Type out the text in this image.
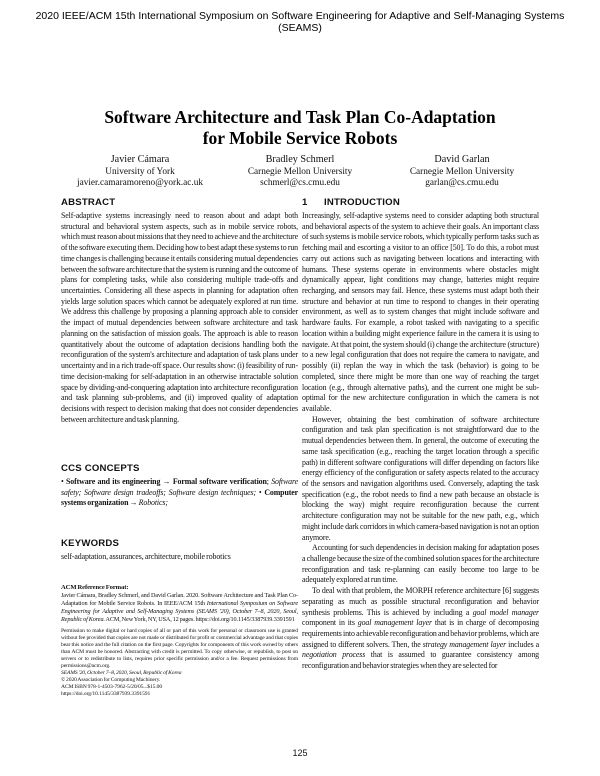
2020 IEEE/ACM 15th International Symposium on Software Engineering for Adaptive and Self-Managing Systems
(SEAMS)
Software Architecture and Task Plan Co-Adaptation
for Mobile Service Robots
Javier Cámara
University of York
javier.camaramoreno@york.ac.uk
Bradley Schmerl
Carnegie Mellon University
schmerl@cs.cmu.edu
David Garlan
Carnegie Mellon University
garlan@cs.cmu.edu
ABSTRACT

Self-adaptive systems increasingly need to reason about and adapt both structural and behavioral system aspects, such as in mobile service robots, which must reason about missions that they need to achieve and the architecture of the software executing them. Deciding how to best adapt these systems to run time changes is challenging because it entails considering mutual dependencies between the software architecture that the system is running and the outcome of plans for completing tasks, while also considering multiple trade-offs and uncertainties. Considering all these aspects in planning for adaptation often yields large solution spaces which cannot be adequately explored at run time. We address this challenge by proposing a planning approach able to consider the impact of mutual dependencies between software architecture and task planning on the satisfaction of mission goals. The approach is able to reason quantitatively about the outcome of adaptation decisions handling both the reconfiguration of the system's architecture and adaptation of task plans under uncertainty and in a rich trade-off space. Our results show: (i) feasibility of run-time decision-making for self-adaptation in an otherwise intractable solution space by dividing-and-conquering adaptation into architecture reconfiguration and task planning sub-problems, and (ii) improved quality of adaptation decisions with respect to decision making that does not consider dependencies between architecture and task planning.

CCS CONCEPTS

• Software and its engineering → Formal software verification; Software safety; Software design tradeoffs; Software design techniques; • Computer systems organization → Robotics;

KEYWORDS

self-adaptation, assurances, architecture, mobile robotics

ACM Reference Format:

Javier Cámara, Bradley Schmerl, and David Garlan. 2020. Software Architecture and Task Plan Co-Adaptation for Mobile Service Robots. In IEEE/ACM 15th International Symposium on Software Engineering for Adaptive and Self-Managing Systems (SEAMS '20), October 7–8, 2020, Seoul, Republic of Korea. ACM, New York, NY, USA, 12 pages. https://doi.org/10.1145/3387939.3391591

Permission to make digital or hard copies of all or part of this work for personal or classroom use is granted without fee provided that copies are not made or distributed for profit or commercial advantage and that copies bear this notice and the full citation on the first page. Copyrights for components of this work owned by others than ACM must be honored. Abstracting with credit is permitted. To copy otherwise, or republish, to post on servers or to redistribute to lists, requires prior specific permission and/or a fee. Request permissions from permissions@acm.org.
SEAMS '20, October 7–8, 2020, Seoul, Republic of Korea
© 2020 Association for Computing Machinery.
ACM ISBN 978-1-4503-7962-5/20/05...$15.00
https://doi.org/10.1145/3387939.3391591

1 INTRODUCTION

Increasingly, self-adaptive systems need to consider adapting both structural and behavioral aspects of the system to achieve their goals. An important class of such systems is mobile service robots, which typically perform tasks such as fetching mail and escorting a visitor to an office [50]. To do this, a robot must carry out actions such as navigating between locations and interacting with humans. These systems operate in environments where obstacles might dynamically appear, light conditions may change, batteries might require recharging, and sensors may fail. Hence, these systems must adapt both their structure and behavior at run time to respond to changes in their operating environment, as well as to system changes that might include software and hardware faults. For example, a robot tasked with navigating to a specific location within a building might experience failure in the camera it is using to navigate. At that point, the system should (i) change the architecture (structure) to a new legal configuration that does not require the camera to navigate, and possibly (ii) replan the way in which the task (behavior) is going to be completed, since there might be more than one way of reaching the target location (e.g., through alternative paths), and the current one might be sub-optimal for the new architecture configuration in which the camera is not available.

However, obtaining the best combination of software architecture configuration and task plan specification is not straightforward due to the mutual dependencies between them. In general, the outcome of executing the same task specification (e.g., reaching the target location through a specific path) in different software configurations will differ depending on factors like energy efficiency of the configuration or safety aspects related to the accuracy of the sensors and navigation algorithms used. Conversely, adapting the task specification (e.g., the robot needs to find a new path because an obstacle is blocking the way) might require reconfiguration because the current architecture configuration may not be suitable for the new path, e.g., which might include dark corridors in which camera-based navigation is not an option anymore.

Accounting for such dependencies in decision making for adaptation poses a challenge because the size of the combined solution spaces for the architecture reconfiguration and task re-planning can easily become too large to be adequately explored at run time.

To deal with that problem, the MORPH reference architecture [6] suggests separating as much as possible structural reconfiguration and behavior synthesis problems. This is achieved by including a goal model manager component in its goal management layer that is in charge of decomposing requirements into achievable reconfiguration and behavior problems, which are assigned to different solvers. Then, the strategy management layer includes a negotiation process that is assumed to guarantee consistency among reconfiguration and behavior strategies when they are selected for

125
